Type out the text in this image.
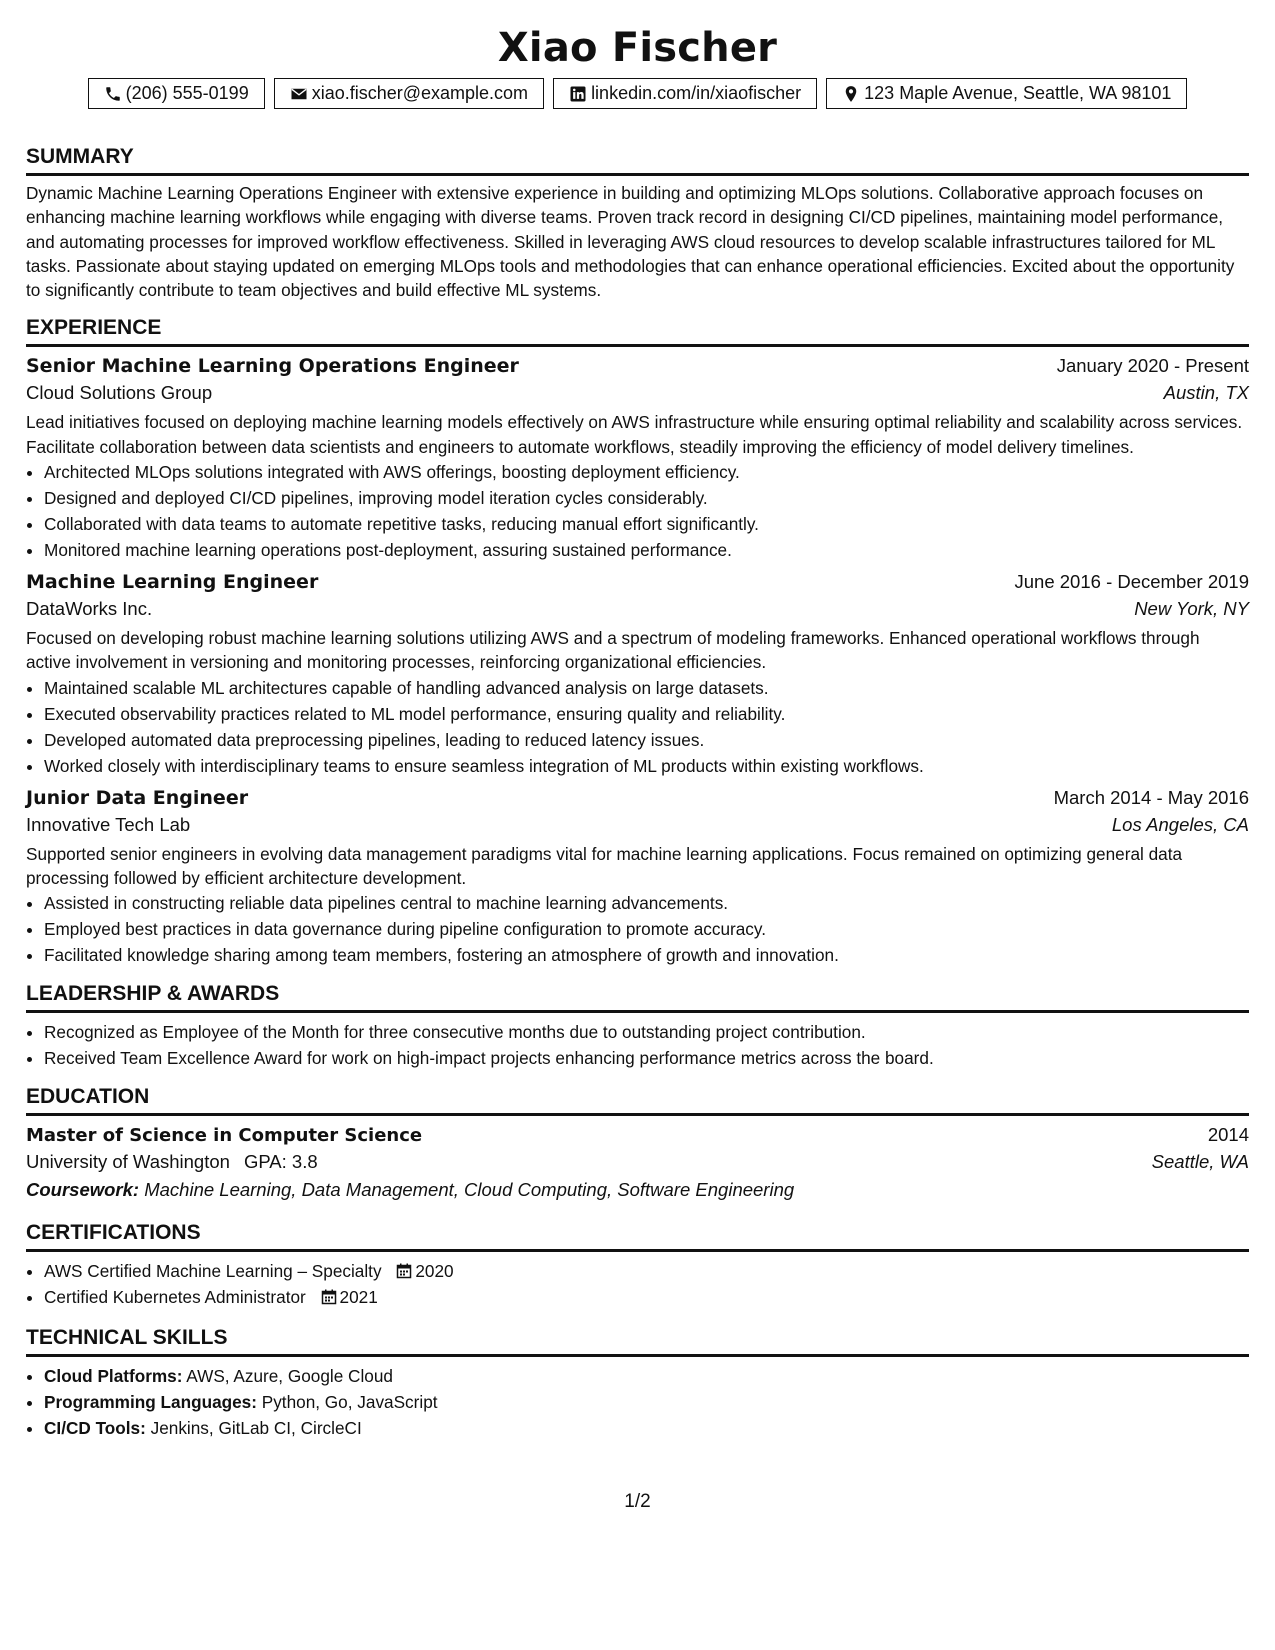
Xiao Fischer
(206) 555-0199	xiao.fischer@example.com	linkedin.com/in/xiaofischer	123 Maple Avenue, Seattle, WA 98101
SUMMARY
Dynamic Machine Learning Operations Engineer with extensive experience in building and optimizing MLOps solutions. Collaborative approach focuses on enhancing machine learning workflows while engaging with diverse teams. Proven track record in designing CI/CD pipelines, maintaining model performance, and automating processes for improved workflow effectiveness. Skilled in leveraging AWS cloud resources to develop scalable infrastructures tailored for ML tasks. Passionate about staying updated on emerging MLOps tools and methodologies that can enhance operational efficiencies. Excited about the opportunity to significantly contribute to team objectives and build effective ML systems.
EXPERIENCE
Senior Machine Learning Operations Engineer	January 2020 - Present
Cloud Solutions Group	Austin, TX
Lead initiatives focused on deploying machine learning models effectively on AWS infrastructure while ensuring optimal reliability and scalability across services. Facilitate collaboration between data scientists and engineers to automate workflows, steadily improving the efficiency of model delivery timelines.
• Architected MLOps solutions integrated with AWS offerings, boosting deployment efficiency.
• Designed and deployed CI/CD pipelines, improving model iteration cycles considerably.
• Collaborated with data teams to automate repetitive tasks, reducing manual effort significantly.
• Monitored machine learning operations post-deployment, assuring sustained performance.
Machine Learning Engineer	June 2016 - December 2019
DataWorks Inc.	New York, NY
Focused on developing robust machine learning solutions utilizing AWS and a spectrum of modeling frameworks. Enhanced operational workflows through active involvement in versioning and monitoring processes, reinforcing organizational efficiencies.
• Maintained scalable ML architectures capable of handling advanced analysis on large datasets.
• Executed observability practices related to ML model performance, ensuring quality and reliability.
• Developed automated data preprocessing pipelines, leading to reduced latency issues.
• Worked closely with interdisciplinary teams to ensure seamless integration of ML products within existing workflows.
Junior Data Engineer	March 2014 - May 2016
Innovative Tech Lab	Los Angeles, CA
Supported senior engineers in evolving data management paradigms vital for machine learning applications. Focus remained on optimizing general data processing followed by efficient architecture development.
• Assisted in constructing reliable data pipelines central to machine learning advancements.
• Employed best practices in data governance during pipeline configuration to promote accuracy.
• Facilitated knowledge sharing among team members, fostering an atmosphere of growth and innovation.
LEADERSHIP & AWARDS
• Recognized as Employee of the Month for three consecutive months due to outstanding project contribution.
• Received Team Excellence Award for work on high-impact projects enhancing performance metrics across the board.
EDUCATION
Master of Science in Computer Science	2014
University of Washington GPA: 3.8	Seattle, WA
Coursework: Machine Learning, Data Management, Cloud Computing, Software Engineering
CERTIFICATIONS
• AWS Certified Machine Learning – Specialty 2020
• Certified Kubernetes Administrator 2021
TECHNICAL SKILLS
• Cloud Platforms: AWS, Azure, Google Cloud
• Programming Languages: Python, Go, JavaScript
• CI/CD Tools: Jenkins, GitLab CI, CircleCI
1/2
